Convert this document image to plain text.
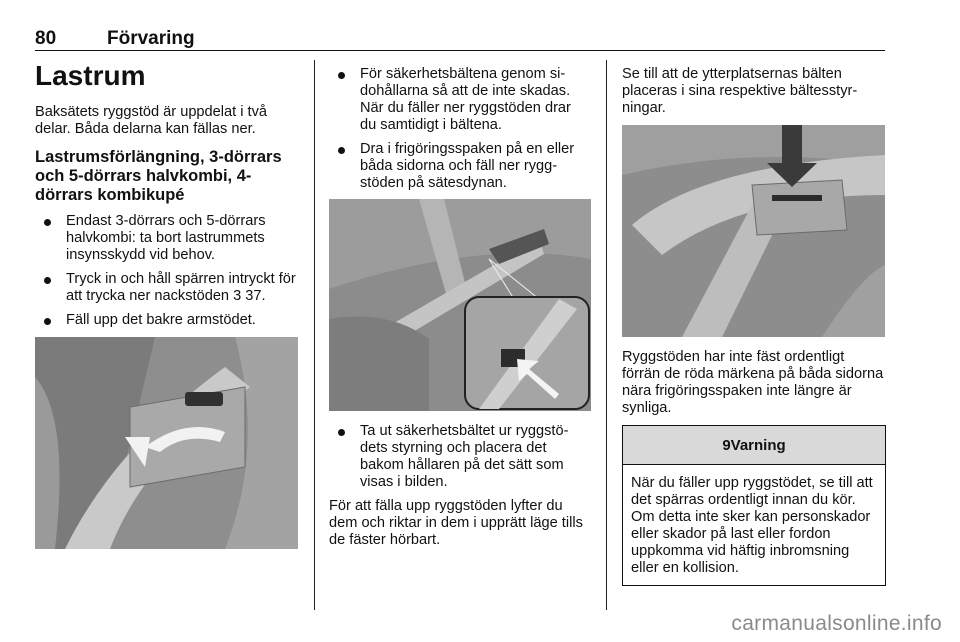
80	Förvaring
Lastrum

Baksätets ryggstöd är uppdelat i två delar. Båda delarna kan fällas ner.

Lastrumsförlängning, 3-dörrars och 5-dörrars halvkombi, 4-dörrars kombikupé
Endast 3-dörrars och 5-dörrars halvkombi: ta bort lastrummets insynsskydd vid behov.
Tryck in och håll spärren intryckt för att trycka ner nackstöden 3 37.
Fäll upp det bakre armstödet.
För säkerhetsbältena genom sidohållarna så att de inte skadas. När du fäller ner ryggstöden drar du samtidigt i bältena.
Dra i frigöringsspaken på en eller båda sidorna och fäll ner ryggstöden på sätesdynan.
Ta ut säkerhetsbältet ur ryggstödets styrning och placera det bakom hållaren på det sätt som visas i bilden.

För att fälla upp ryggstöden lyfter du dem och riktar in dem i upprätt läge tills de fäster hörbart.

Se till att de ytterplatsernas bälten placeras i sina respektive bältesstyrningar.

Ryggstöden har inte fäst ordentligt förrän de röda märkena på båda sidorna nära frigöringsspaken inte längre är synliga.

9 Varning
När du fäller upp ryggstödet, se till att det spärras ordentligt innan du kör. Om detta inte sker kan personskador eller skador på last eller fordon uppkomma vid häftig inbromsning eller en kollision.
carmanualsonline.info
